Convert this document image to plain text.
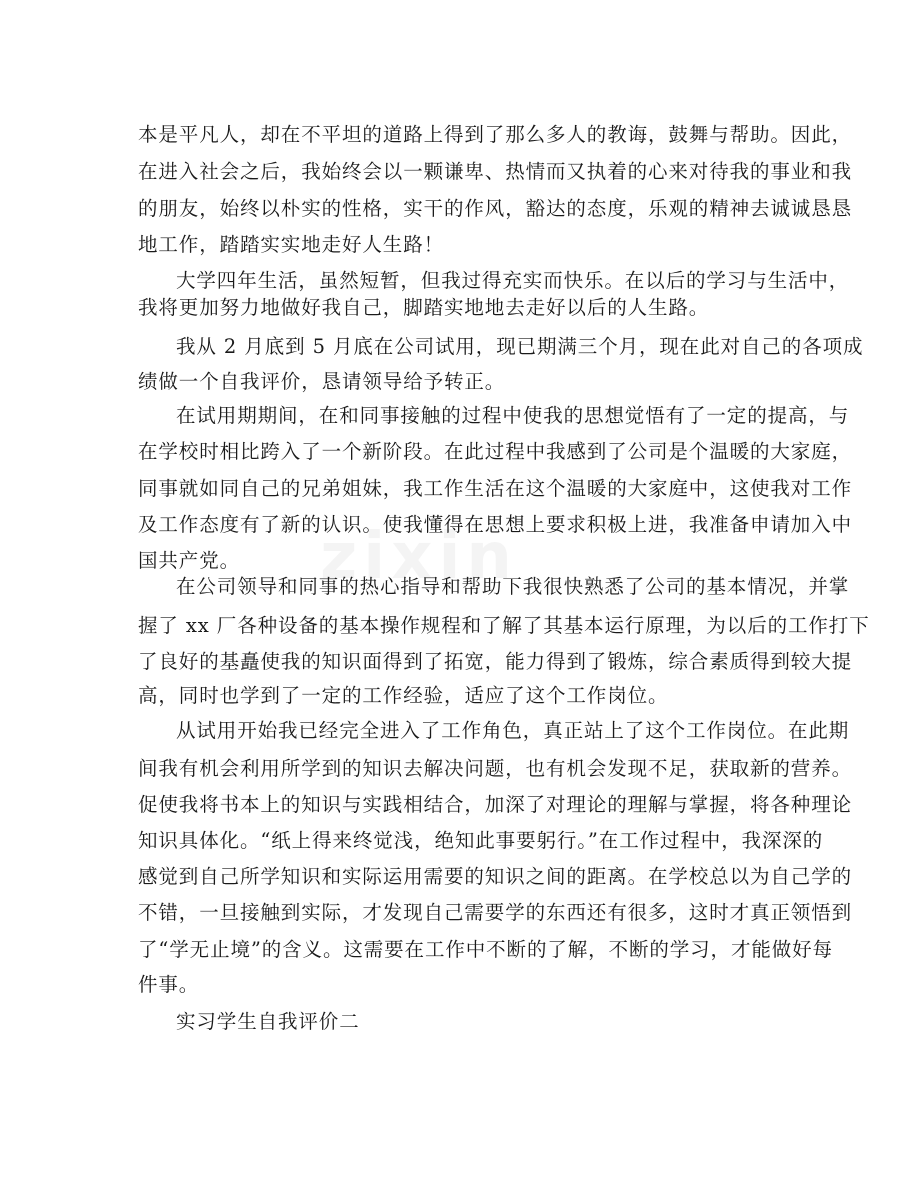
本是平凡人，却在不平坦的道路上得到了那么多人的教诲，鼓舞与帮助。因此，
在进入社会之后，我始终会以一颗谦卑、热情而又执着的心来对待我的事业和我
的朋友，始终以朴实的性格，实干的作风，豁达的态度，乐观的精神去诚诚恳恳
地工作，踏踏实实地走好人生路！
大学四年生活，虽然短暂，但我过得充实而快乐。在以后的学习与生活中，
我将更加努力地做好我自己，脚踏实地地去走好以后的人生路。
我从 2 月底到 5 月底在公司试用，现已期满三个月，现在此对自己的各项成
绩做一个自我评价，恳请领导给予转正。
在试用期期间，在和同事接触的过程中使我的思想觉悟有了一定的提高，与
在学校时相比跨入了一个新阶段。在此过程中我感到了公司是个温暖的大家庭，
同事就如同自己的兄弟姐妹，我工作生活在这个温暖的大家庭中，这使我对工作
及工作态度有了新的认识。使我懂得在思想上要求积极上进，我准备申请加入中
国共产党。
在公司领导和同事的热心指导和帮助下我很快熟悉了公司的基本情况，并掌
握了 xx 厂各种设备的基本操作规程和了解了其基本运行原理，为以后的工作打下
了良好的基矗使我的知识面得到了拓宽，能力得到了锻炼，综合素质得到较大提
高，同时也学到了一定的工作经验，适应了这个工作岗位。
从试用开始我已经完全进入了工作角色，真正站上了这个工作岗位。在此期
间我有机会利用所学到的知识去解决问题，也有机会发现不足，获取新的营养。
促使我将书本上的知识与实践相结合，加深了对理论的理解与掌握，将各种理论
知识具体化。“纸上得来终觉浅，绝知此事要躬行。”在工作过程中，我深深的
感觉到自己所学知识和实际运用需要的知识之间的距离。在学校总以为自己学的
不错，一旦接触到实际，才发现自己需要学的东西还有很多，这时才真正领悟到
了“学无止境”的含义。这需要在工作中不断的了解，不断的学习，才能做好每
件事。
实习学生自我评价二
